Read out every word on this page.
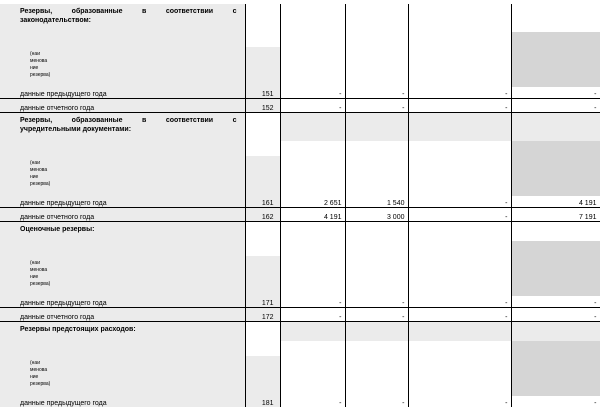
Резервы, образованные в соответствии с
законодательством:					

(наи
менова
ние
резерва)					
данные предыдущего года	151	-	-	-	-
данные отчетного года	152	-	-	-	-

Резервы, образованные в соответствии с
учредительными документами:					

(наи
менова
ние
резерва)					
данные предыдущего года	161	2 651	1 540	-	4 191
данные отчетного года	162	4 191	3 000	-	7 191

Оценочные резервы:					

(наи
менова
ние
резерва)					
данные предыдущего года	171	-	-	-	-
данные отчетного года	172	-	-	-	-

Резервы предстоящих расходов:					

(наи
менова
ние
резерва)					
данные предыдущего года	181	-	-	-	-
